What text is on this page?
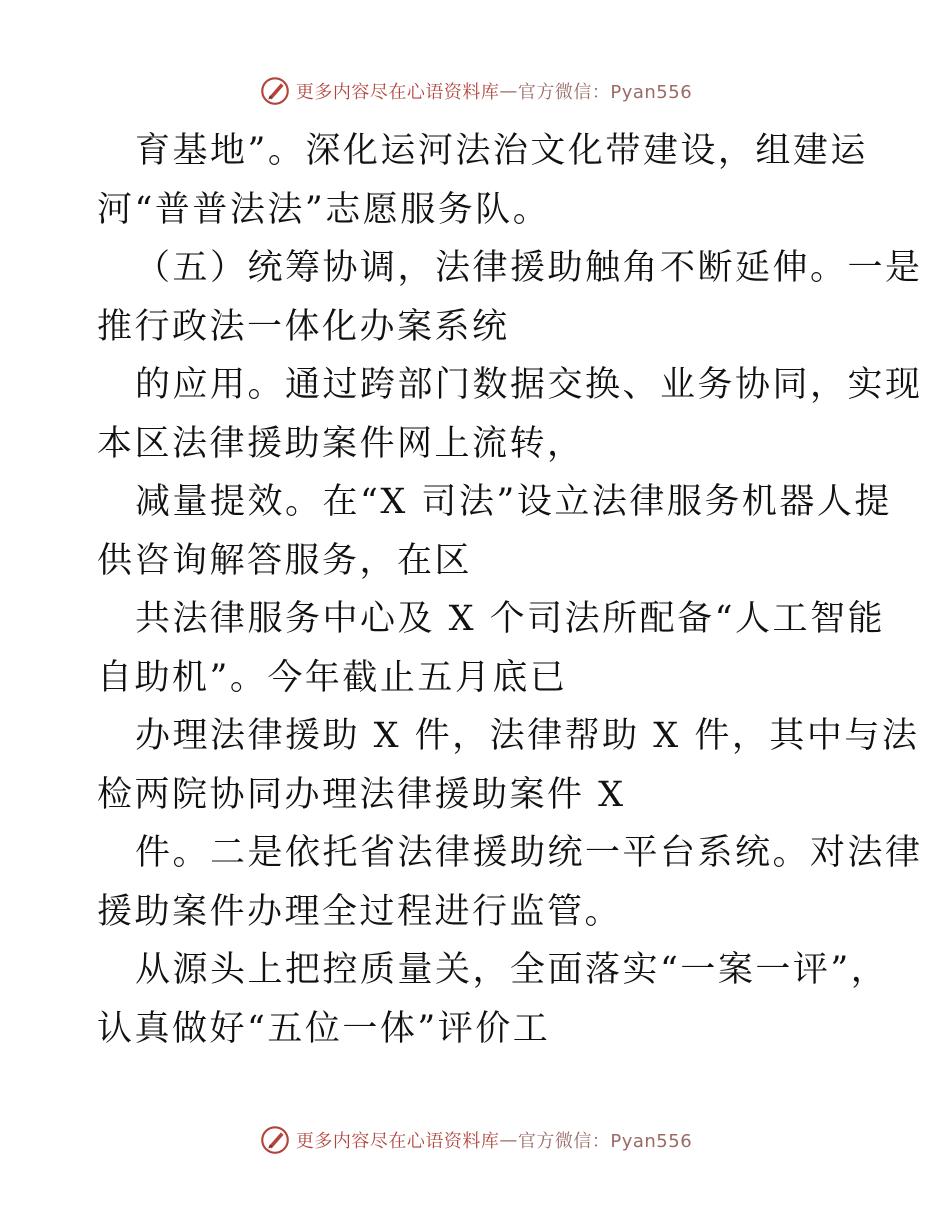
更多内容尽在心语资料库 — 官方微信：Pyan556
育基地”。深化运河法治文化带建设，组建运
河“普普法法”志愿服务队。
（五）统筹协调，法律援助触角不断延伸。一是
推行政法一体化办案系统
的应用。通过跨部门数据交换、业务协同，实现
本区法律援助案件网上流转，
减量提效。在“X 司法”设立法律服务机器人提
供咨询解答服务，在区
共法律服务中心及 X 个司法所配备“人工智能
自助机”。今年截止五月底已
办理法律援助 X 件，法律帮助 X 件，其中与法
检两院协同办理法律援助案件 X
件。二是依托省法律援助统一平台系统。对法律
援助案件办理全过程进行监管。
从源头上把控质量关，全面落实“一案一评”，
认真做好“五位一体”评价工
更多内容尽在心语资料库 — 官方微信：Pyan556
